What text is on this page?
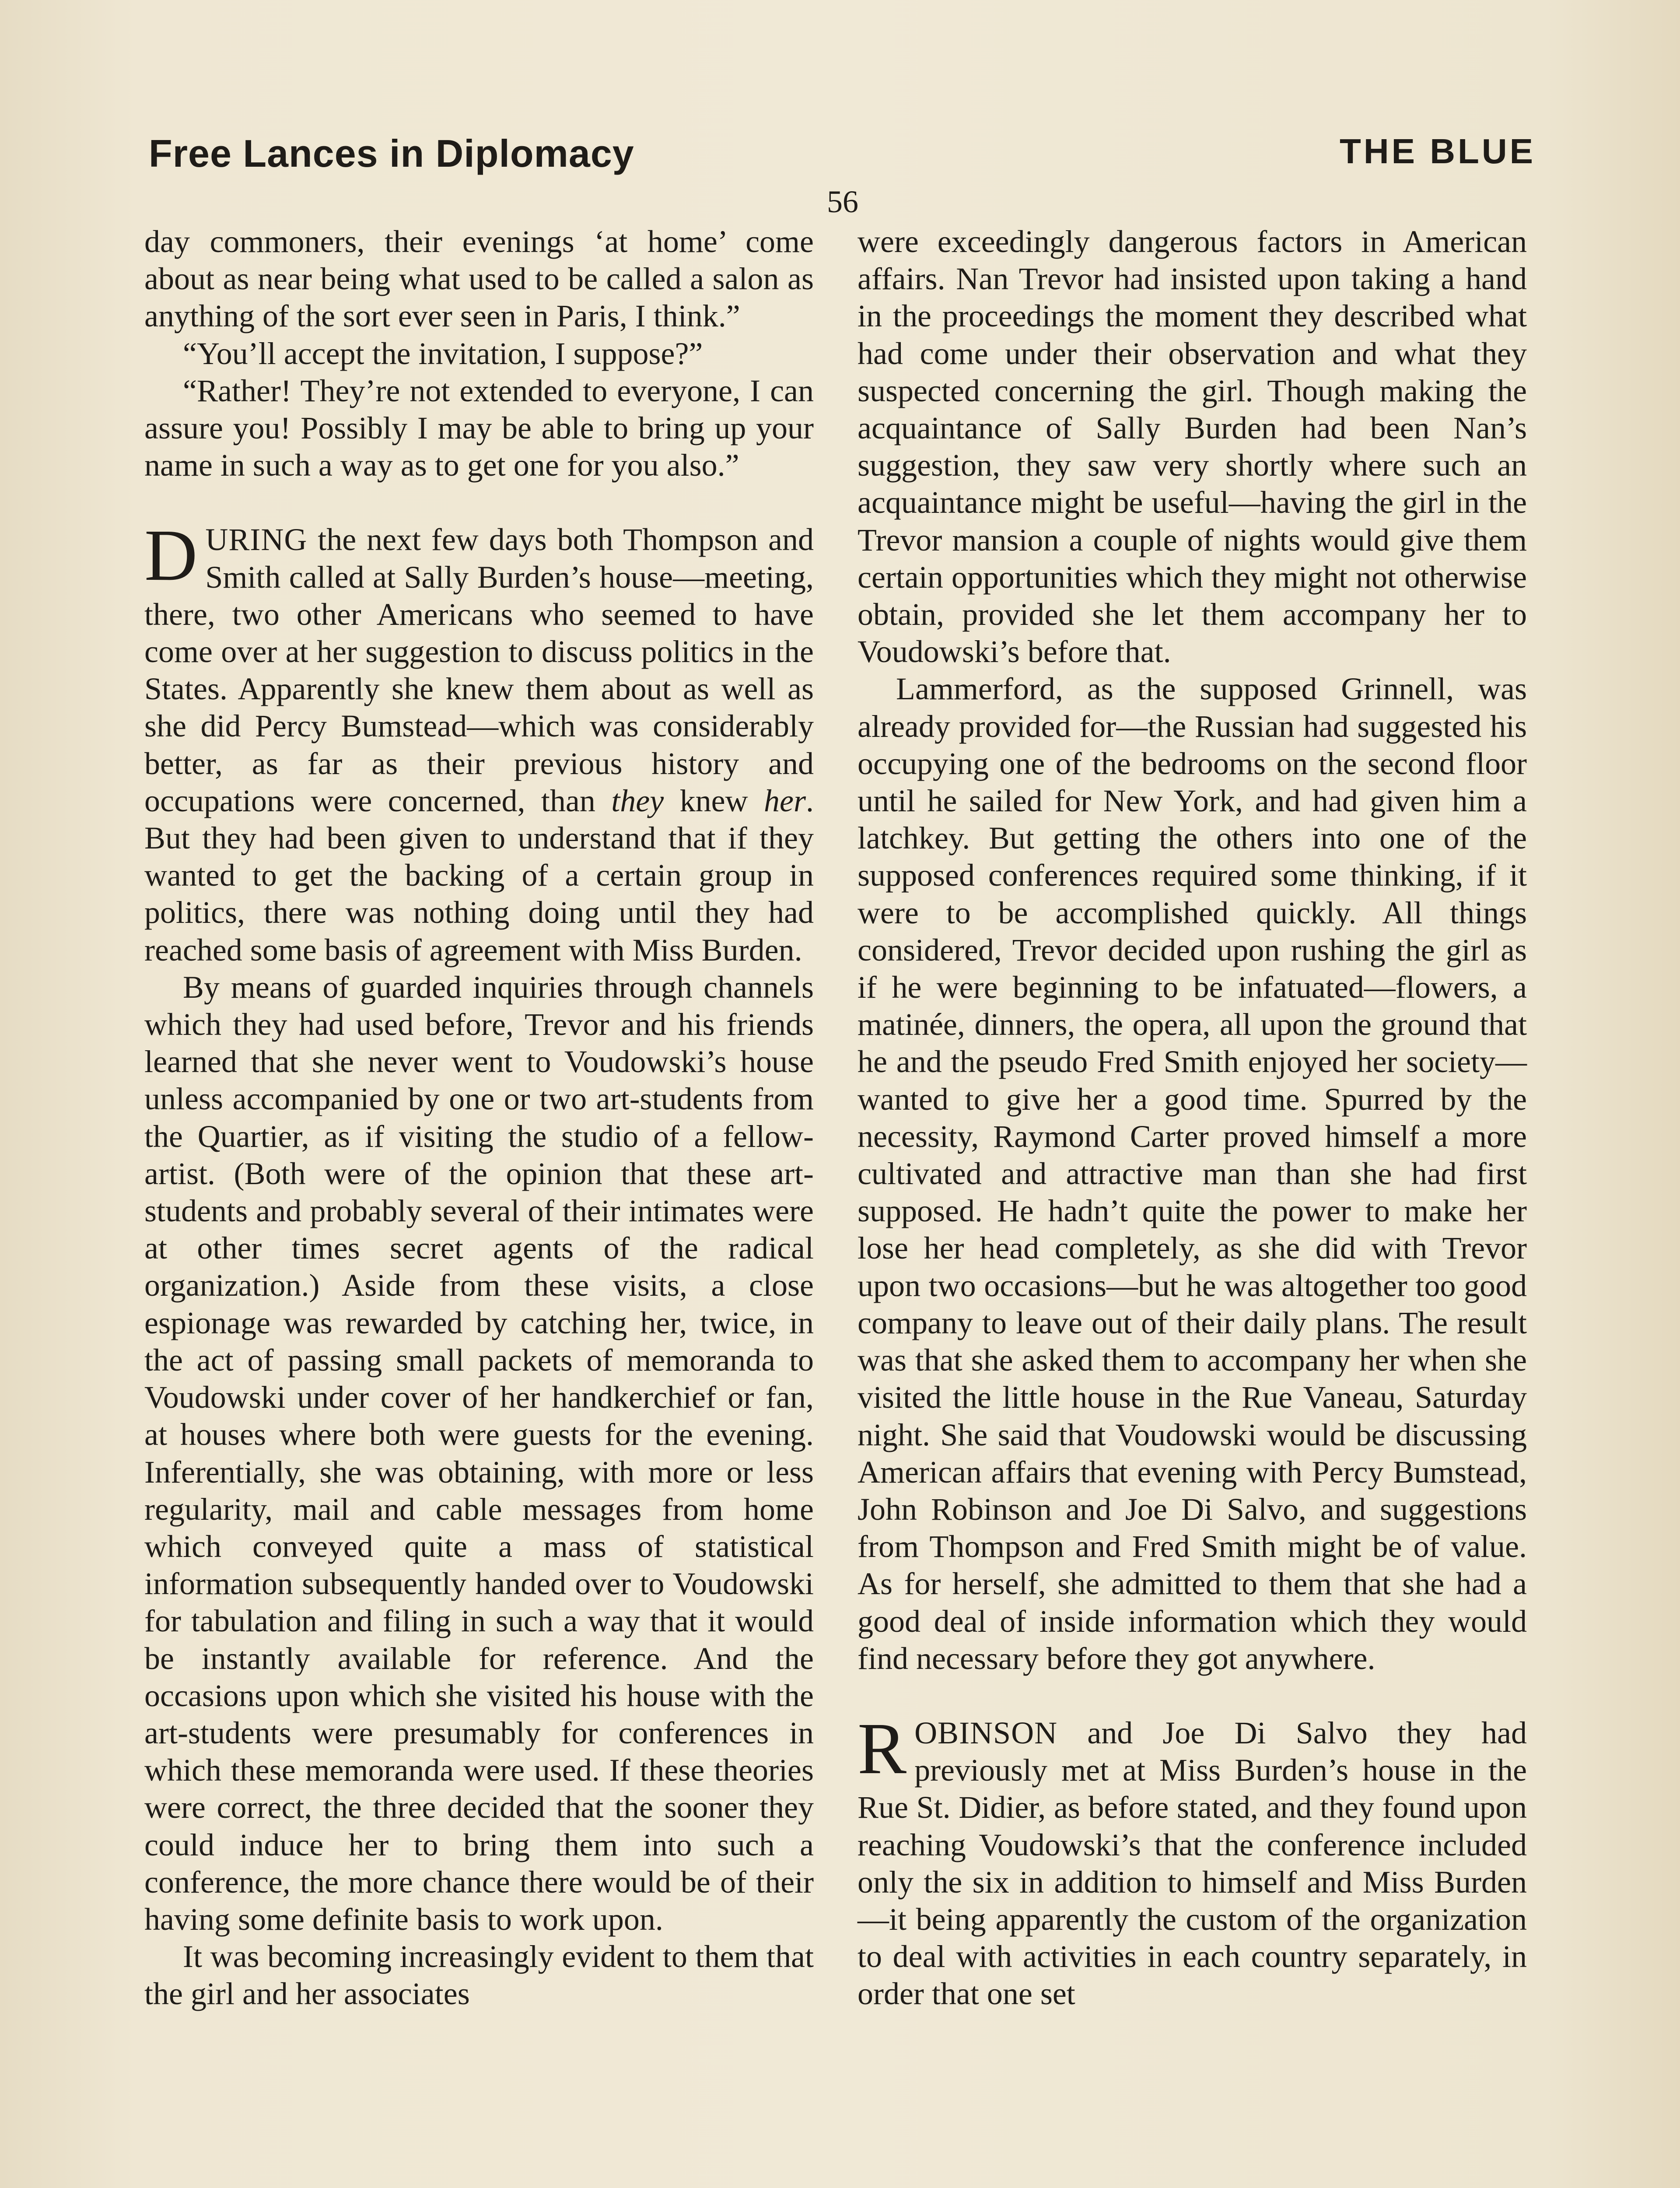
Free Lances in Diplomacy	THE BLUE
56

day commoners, their evenings ‘at home’ come about as near being what used to be called a salon as anything of the sort ever seen in Paris, I think.”

“You’ll accept the invitation, I suppose?”

“Rather! They’re not extended to everyone, I can assure you! Possibly I may be able to bring up your name in such a way as to get one for you also.”

DURING the next few days both Thompson and Smith called at Sally Burden’s house—meeting, there, two other Americans who seemed to have come over at her suggestion to discuss politics in the States. Apparently she knew them about as well as she did Percy Bumstead—which was considerably better, as far as their previous history and occupations were concerned, than they knew her. But they had been given to understand that if they wanted to get the backing of a certain group in politics, there was nothing doing until they had reached some basis of agreement with Miss Burden.

By means of guarded inquiries through channels which they had used before, Trevor and his friends learned that she never went to Voudowski’s house unless accompanied by one or two art-students from the Quartier, as if visiting the studio of a fellow-artist. (Both were of the opinion that these art-students and probably several of their intimates were at other times secret agents of the radical organization.) Aside from these visits, a close espionage was rewarded by catching her, twice, in the act of passing small packets of memoranda to Voudowski under cover of her handkerchief or fan, at houses where both were guests for the evening. Inferentially, she was obtaining, with more or less regularity, mail and cable messages from home which conveyed quite a mass of statistical information subsequently handed over to Voudowski for tabulation and filing in such a way that it would be instantly available for reference. And the occasions upon which she visited his house with the art-students were presumably for conferences in which these memoranda were used. If these theories were correct, the three decided that the sooner they could induce her to bring them into such a conference, the more chance there would be of their having some definite basis to work upon.

It was becoming increasingly evident to them that the girl and her associates

were exceedingly dangerous factors in American affairs. Nan Trevor had insisted upon taking a hand in the proceedings the moment they described what had come under their observation and what they suspected concerning the girl. Though making the acquaintance of Sally Burden had been Nan’s suggestion, they saw very shortly where such an acquaintance might be useful—having the girl in the Trevor mansion a couple of nights would give them certain opportunities which they might not otherwise obtain, provided she let them accompany her to Voudowski’s before that.

Lammerford, as the supposed Grinnell, was already provided for—the Russian had suggested his occupying one of the bedrooms on the second floor until he sailed for New York, and had given him a latchkey. But getting the others into one of the supposed conferences required some thinking, if it were to be accomplished quickly. All things considered, Trevor decided upon rushing the girl as if he were beginning to be infatuated—flowers, a matinée, dinners, the opera, all upon the ground that he and the pseudo Fred Smith enjoyed her society—wanted to give her a good time. Spurred by the necessity, Raymond Carter proved himself a more cultivated and attractive man than she had first supposed. He hadn’t quite the power to make her lose her head completely, as she did with Trevor upon two occasions—but he was altogether too good company to leave out of their daily plans. The result was that she asked them to accompany her when she visited the little house in the Rue Vaneau, Saturday night. She said that Voudowski would be discussing American affairs that evening with Percy Bumstead, John Robinson and Joe Di Salvo, and suggestions from Thompson and Fred Smith might be of value. As for herself, she admitted to them that she had a good deal of inside information which they would find necessary before they got anywhere.

ROBINSON and Joe Di Salvo they had previously met at Miss Burden’s house in the Rue St. Didier, as before stated, and they found upon reaching Voudowski’s that the conference included only the six in addition to himself and Miss Burden—it being apparently the custom of the organization to deal with activities in each country separately, in order that one set
